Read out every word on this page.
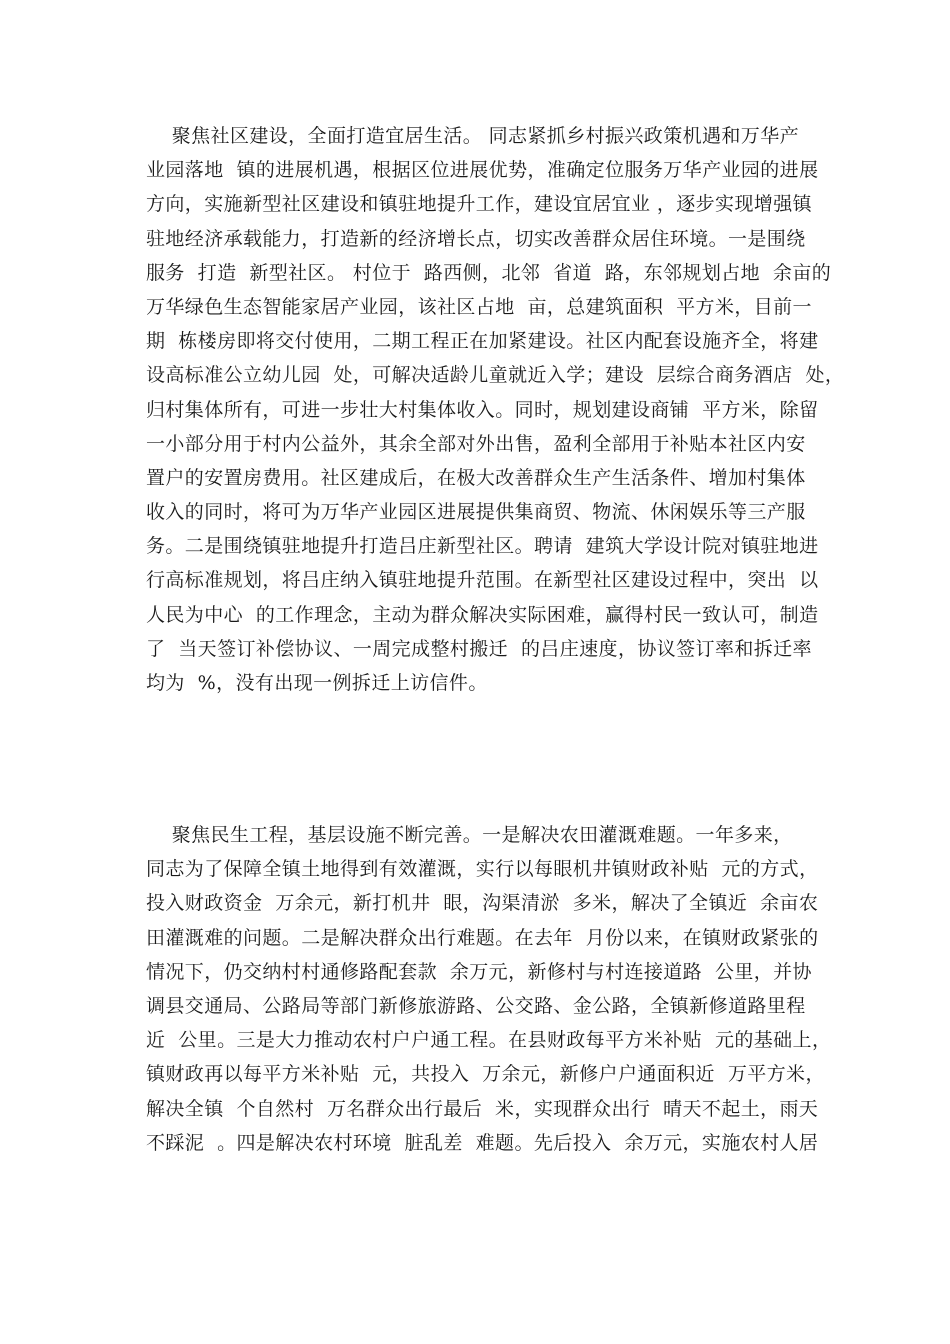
聚焦社区建设，全面打造宜居生活。 同志紧抓乡村振兴政策机遇和万华产
业园落地  镇的进展机遇，根据区位进展优势，准确定位服务万华产业园的进展
方向，实施新型社区建设和镇驻地提升工作，建设宜居宜业 ，逐步实现增强镇
驻地经济承载能力，打造新的经济增长点，切实改善群众居住环境。一是围绕
服务  打造  新型社区。 村位于  路西侧，北邻  省道  路，东邻规划占地  余亩的
万华绿色生态智能家居产业园，该社区占地  亩，总建筑面积  平方米，目前一
期  栋楼房即将交付使用，二期工程正在加紧建设。社区内配套设施齐全，将建
设高标准公立幼儿园  处，可解决适龄儿童就近入学；建设  层综合商务酒店  处，
归村集体所有，可进一步壮大村集体收入。同时，规划建设商铺  平方米，除留
一小部分用于村内公益外，其余全部对外出售，盈利全部用于补贴本社区内安
置户的安置房费用。社区建成后，在极大改善群众生产生活条件、增加村集体
收入的同时，将可为万华产业园区进展提供集商贸、物流、休闲娱乐等三产服
务。二是围绕镇驻地提升打造吕庄新型社区。聘请  建筑大学设计院对镇驻地进
行高标准规划，将吕庄纳入镇驻地提升范围。在新型社区建设过程中，突出  以
人民为中心  的工作理念，主动为群众解决实际困难，赢得村民一致认可，制造
了  当天签订补偿协议、一周完成整村搬迁  的吕庄速度，协议签订率和拆迁率
均为  %，没有出现一例拆迁上访信件。
聚焦民生工程，基层设施不断完善。一是解决农田灌溉难题。一年多来，
同志为了保障全镇土地得到有效灌溉，实行以每眼机井镇财政补贴  元的方式，
投入财政资金  万余元，新打机井  眼，沟渠清淤  多米，解决了全镇近  余亩农
田灌溉难的问题。二是解决群众出行难题。在去年  月份以来，在镇财政紧张的
情况下，仍交纳村村通修路配套款  余万元，新修村与村连接道路  公里，并协
调县交通局、公路局等部门新修旅游路、公交路、金公路，全镇新修道路里程
近  公里。三是大力推动农村户户通工程。在县财政每平方米补贴  元的基础上，
镇财政再以每平方米补贴  元，共投入  万余元，新修户户通面积近  万平方米，
解决全镇  个自然村  万名群众出行最后  米，实现群众出行  晴天不起土，雨天
不踩泥  。四是解决农村环境  脏乱差  难题。先后投入  余万元，实施农村人居
